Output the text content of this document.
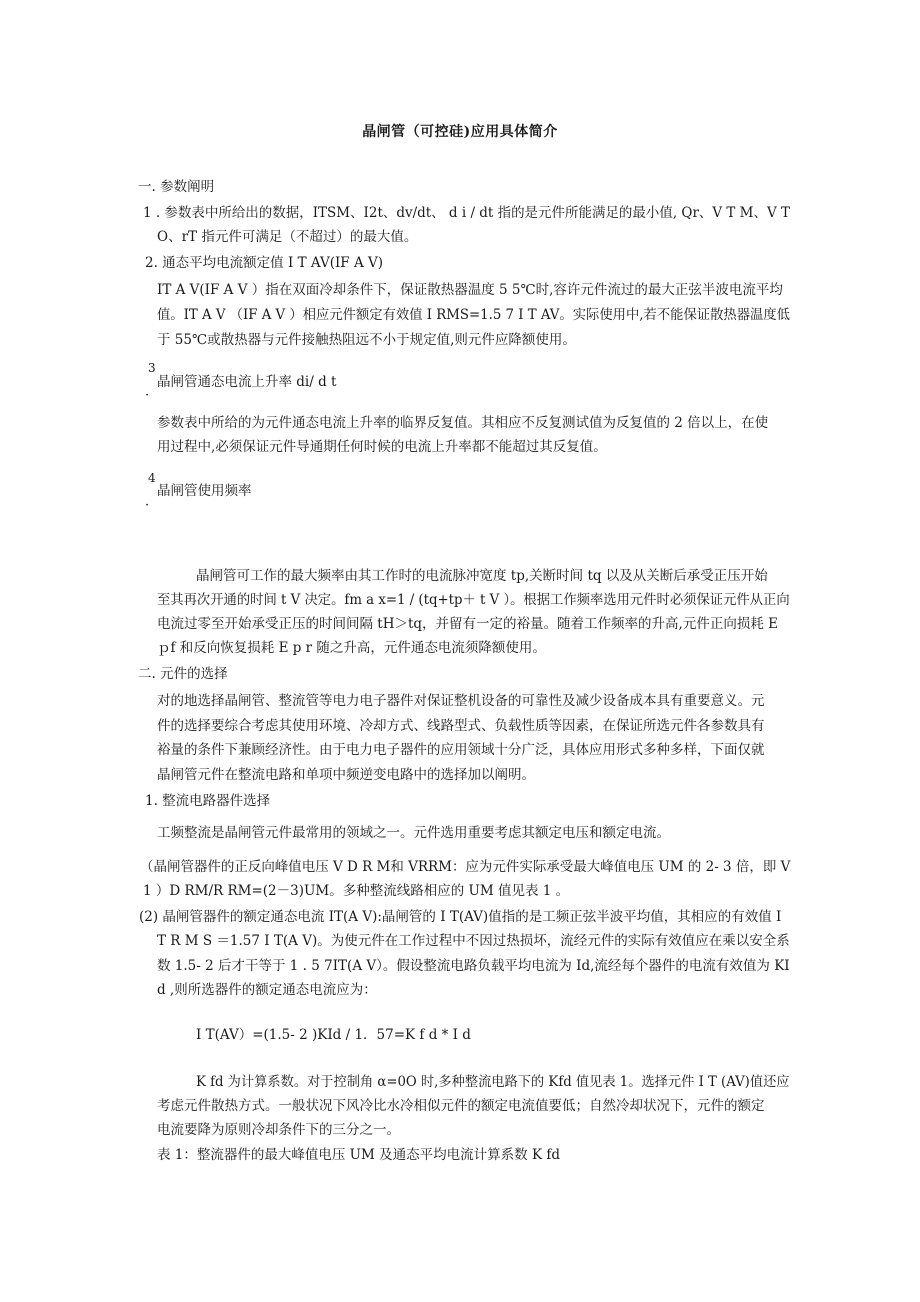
晶闸管（可控硅)应用具体简介
一. 参数阐明
1 . 参数表中所给出的数据，ITSM、I2t、dv/dt、 d i / dt 指的是元件所能满足的最小值, Qr、V T M、V T
O、rT 指元件可满足（不超过）的最大值。
2. 通态平均电流额定值 I T AV(IF A V)
IT A V(IF A V ）指在双面冷却条件下，保证散热器温度 5 5℃时,容许元件流过的最大正弦半波电流平均
值。IT A V （IF A V ）相应元件额定有效值 I RMS=1.5 7 I T AV。实际使用中,若不能保证散热器温度低
于 55℃或散热器与元件接触热阻远不小于规定值,则元件应降额使用。
3
晶闸管通态电流上升率 di/ d t
·
参数表中所给的为元件通态电流上升率的临界反复值。其相应不反复测试值为反复值的 2 倍以上，在使
用过程中,必须保证元件导通期任何时候的电流上升率都不能超过其反复值。
4
晶闸管使用频率
·
晶闸管可工作的最大频率由其工作时的电流脉冲宽度 tp,关断时间 tq 以及从关断后承受正压开始
至其再次开通的时间 t V 决定。fm a x=1 / (tq+tp＋ t V ）。根据工作频率选用元件时必须保证元件从正向
电流过零至开始承受正压的时间间隔 tH＞tq，并留有一定的裕量。随着工作频率的升高,元件正向损耗 E
ｐf 和反向恢复损耗 E p r 随之升高，元件通态电流须降额使用。
二. 元件的选择
对的地选择晶闸管、整流管等电力电子器件对保证整机设备的可靠性及减少设备成本具有重要意义。元
件的选择要综合考虑其使用环境、冷却方式、线路型式、负载性质等因素，在保证所选元件各参数具有
裕量的条件下兼顾经济性。由于电力电子器件的应用领域十分广泛，具体应用形式多种多样，下面仅就
晶闸管元件在整流电路和单项中频逆变电路中的选择加以阐明。
1. 整流电路器件选择
工频整流是晶闸管元件最常用的领域之一。元件选用重要考虑其额定电压和额定电流。
（晶闸管器件的正反向峰值电压 V D R M和 VRRM：应为元件实际承受最大峰值电压 UM 的 2- 3 倍，即 V
1 ）D RM/R RM=(2－3)UM。多种整流线路相应的 UM 值见表 1 。
(2) 晶闸管器件的额定通态电流 IT(A V):晶闸管的 I T(AV)值指的是工频正弦半波平均值，其相应的有效值 I
T R M S ＝1.57 I T(A V)。为使元件在工作过程中不因过热损坏，流经元件的实际有效值应在乘以安全系
数 1.5- 2 后才干等于 1 . 5 7IT(A V）。假设整流电路负载平均电流为 Id,流经每个器件的电流有效值为 KI
d ,则所选器件的额定通态电流应为：
I T(AV）=(1.5- 2 )KId / 1．57=K f d * I d
K fd 为计算系数。对于控制角 α=0O 时,多种整流电路下的 Kfd 值见表 1。选择元件 I T (AV)值还应
考虑元件散热方式。一般状况下风冷比水冷相似元件的额定电流值要低；自然冷却状况下，元件的额定
电流要降为原则冷却条件下的三分之一。
表 1：整流器件的最大峰值电压 UM 及通态平均电流计算系数 K fd
